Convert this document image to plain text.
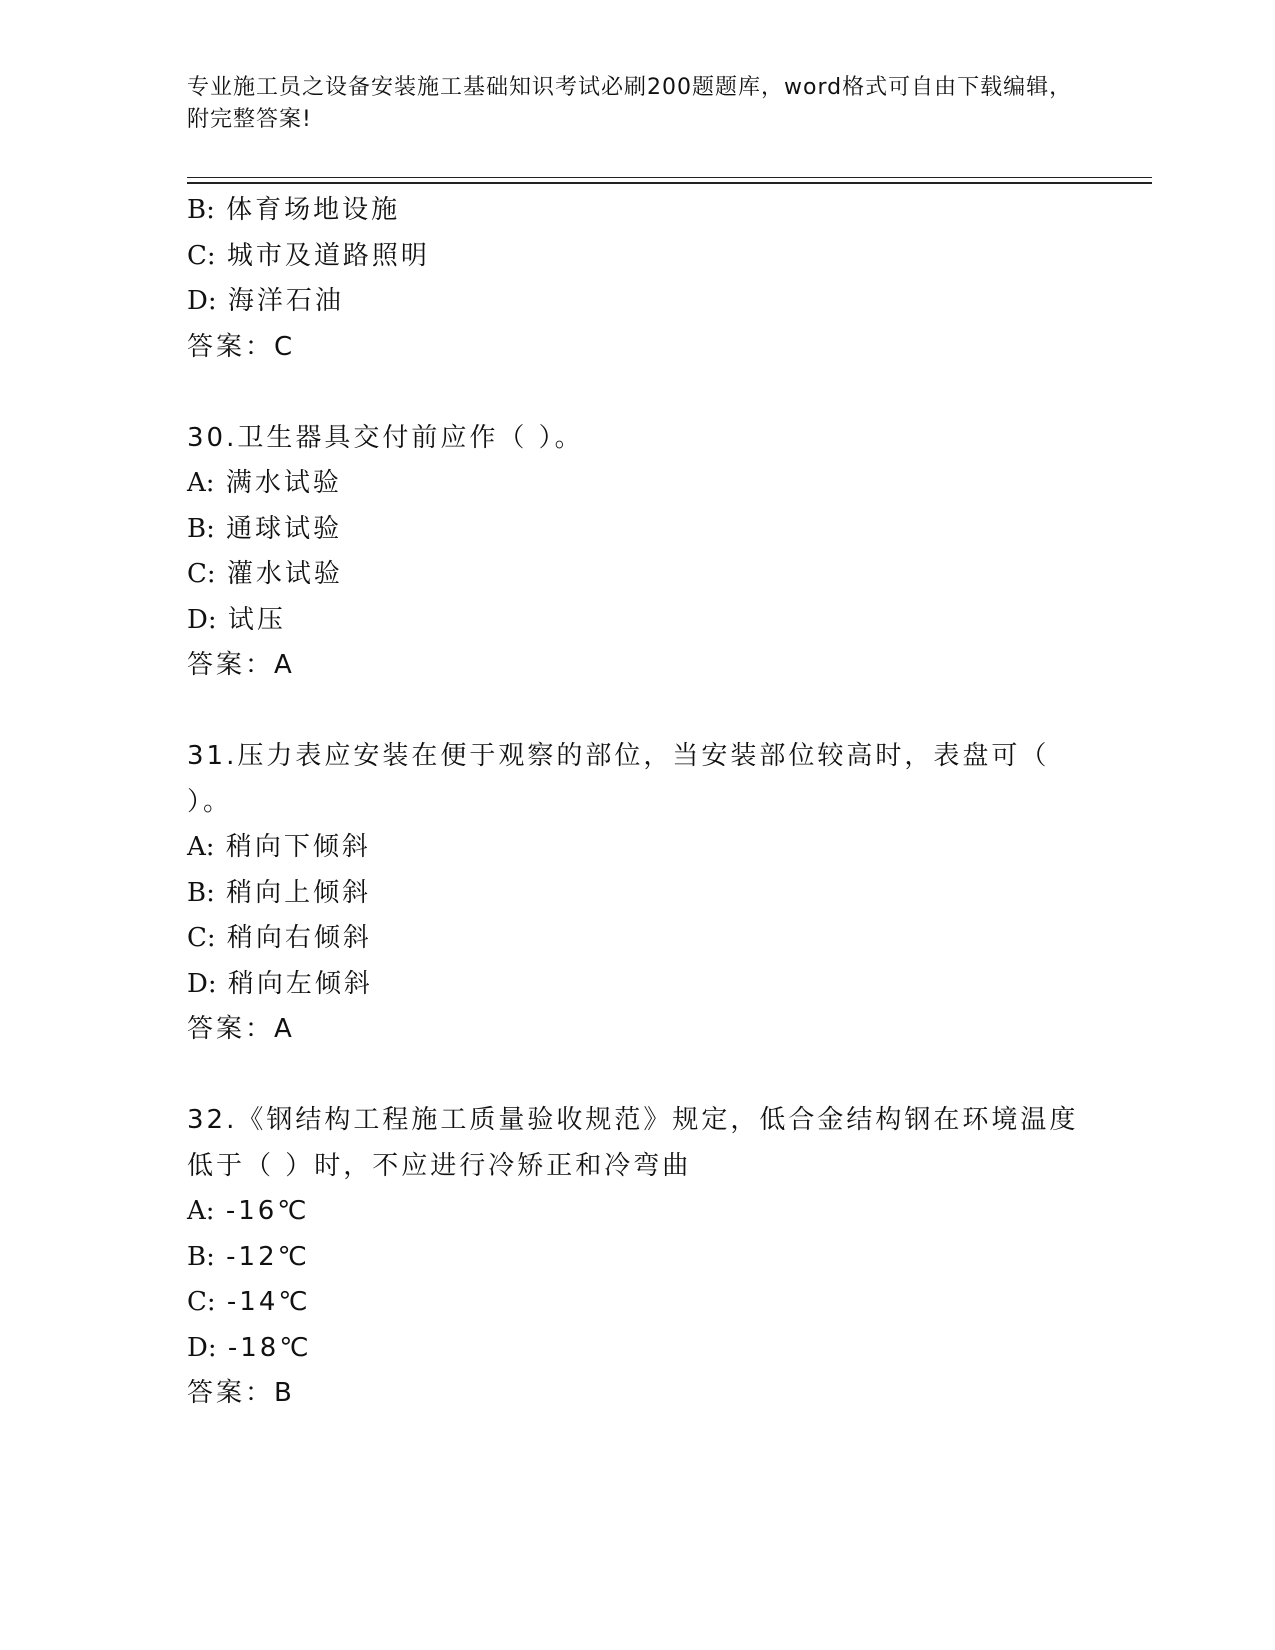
专业施工员之设备安装施工基础知识考试必刷200题题库，word格式可自由下载编辑，附完整答案!
B: 体育场地设施
C: 城市及道路照明
D: 海洋石油
答案：C
30.卫生器具交付前应作（ ）。
A: 满水试验
B: 通球试验
C: 灌水试验
D: 试压
答案：A
31.压力表应安装在便于观察的部位，当安装部位较高时，表盘可（ ）。
A: 稍向下倾斜
B: 稍向上倾斜
C: 稍向右倾斜
D: 稍向左倾斜
答案：A
32.《钢结构工程施工质量验收规范》规定，低合金结构钢在环境温度低于（ ）时，不应进行冷矫正和冷弯曲
A: -16℃
B: -12℃
C: -14℃
D: -18℃
答案：B
